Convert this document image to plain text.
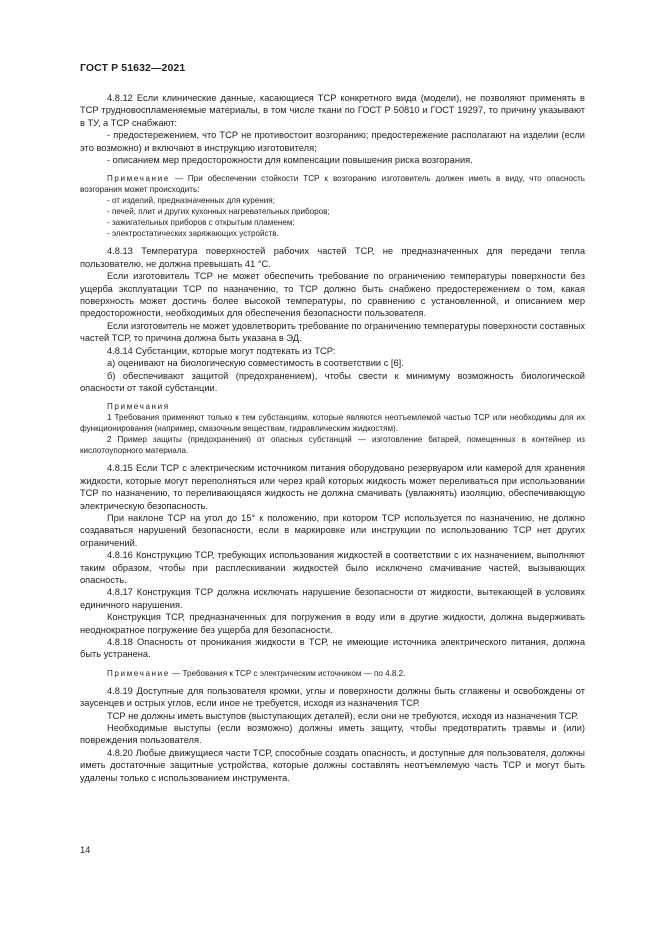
ГОСТ Р 51632—2021

4.8.12 Если клинические данные, касающиеся ТСР конкретного вида (модели), не позволяют применять в ТСР трудновоспламеняемые материалы, в том числе ткани по ГОСТ Р 50810 и ГОСТ 19297, то причину указывают в ТУ, а ТСР снабжают:

- предостережением, что ТСР не противостоит возгоранию; предостережение располагают на изделии (если это возможно) и включают в инструкцию изготовителя;

- описанием мер предосторожности для компенсации повышения риска возгорания.

Примечание — При обеспечении стойкости ТСР к возгоранию изготовитель должен иметь в виду, что опасность возгорания может происходить:

- от изделий, предназначенных для курения;

- печей, плит и других кухонных нагревательных приборов;

- зажигательных приборов с открытым пламенем;

- электростатических заряжающих устройств.

4.8.13 Температура поверхностей рабочих частей ТСР, не предназначенных для передачи тепла пользователю, не должна превышать 41 °С.

Если изготовитель ТСР не может обеспечить требование по ограничению температуры поверхности без ущерба эксплуатации ТСР по назначению, то ТСР должно быть снабжено предостережением о том, какая поверхность может достичь более высокой температуры, по сравнению с установленной, и описанием мер предосторожности, необходимых для обеспечения безопасности пользователя.

Если изготовитель не может удовлетворить требование по ограничению температуры поверхности составных частей ТСР, то причина должна быть указана в ЭД.

4.8.14 Субстанции, которые могут подтекать из ТСР:

а) оценивают на биологическую совместимость в соответствии с [6].

б) обеспечивают защитой (предохранением), чтобы свести к минимуму возможность биологической опасности от такой субстанции.

Примечания

1 Требования применяют только к тем субстанциям, которые являются неотъемлемой частью ТСР или необходимы для их функционирования (например, смазочным веществам, гидравлическим жидкостям).

2 Пример защиты (предохранения) от опасных субстанций — изготовление батарей, помещенных в контейнер из кислотоупорного материала.

4.8.15 Если ТСР с электрическим источником питания оборудовано резервуаром или камерой для хранения жидкости, которые могут переполняться или через край которых жидкость может переливаться при использовании ТСР по назначению, то переливающаяся жидкость не должна смачивать (увлажнять) изоляцию, обеспечивающую электрическую безопасность.

При наклоне ТСР на угол до 15° к положению, при котором ТСР используется по назначению, не должно создаваться нарушений безопасности, если в маркировке или инструкции по использованию ТСР нет других ограничений.

4.8.16 Конструкцию ТСР, требующих использования жидкостей в соответствии с их назначением, выполняют таким образом, чтобы при расплескивании жидкостей было исключено смачивание частей, вызывающих опасность.

4.8.17 Конструкция ТСР должна исключать нарушение безопасности от жидкости, вытекающей в условиях единичного нарушения.

Конструкция ТСР, предназначенных для погружения в воду или в другие жидкости, должна выдерживать неоднократное погружение без ущерба для безопасности.

4.8.18 Опасность от проникания жидкости в ТСР, не имеющие источника электрического питания, должна быть устранена.

Примечание — Требования к ТСР с электрическим источником — по 4.8.2.

4.8.19 Доступные для пользователя кромки, углы и поверхности должны быть сглажены и освобождены от заусенцев и острых углов, если иное не требуется, исходя из назначения ТСР.

ТСР не должны иметь выступов (выступающих деталей), если они не требуются, исходя из назначения ТСР.

Необходимые выступы (если возможно) должны иметь защиту, чтобы предотвратить травмы и (или) повреждения пользователя.

4.8.20 Любые движущиеся части ТСР, способные создать опасность, и доступные для пользователя, должны иметь достаточные защитные устройства, которые должны составлять неотъемлемую часть ТСР и могут быть удалены только с использованием инструмента.

14
